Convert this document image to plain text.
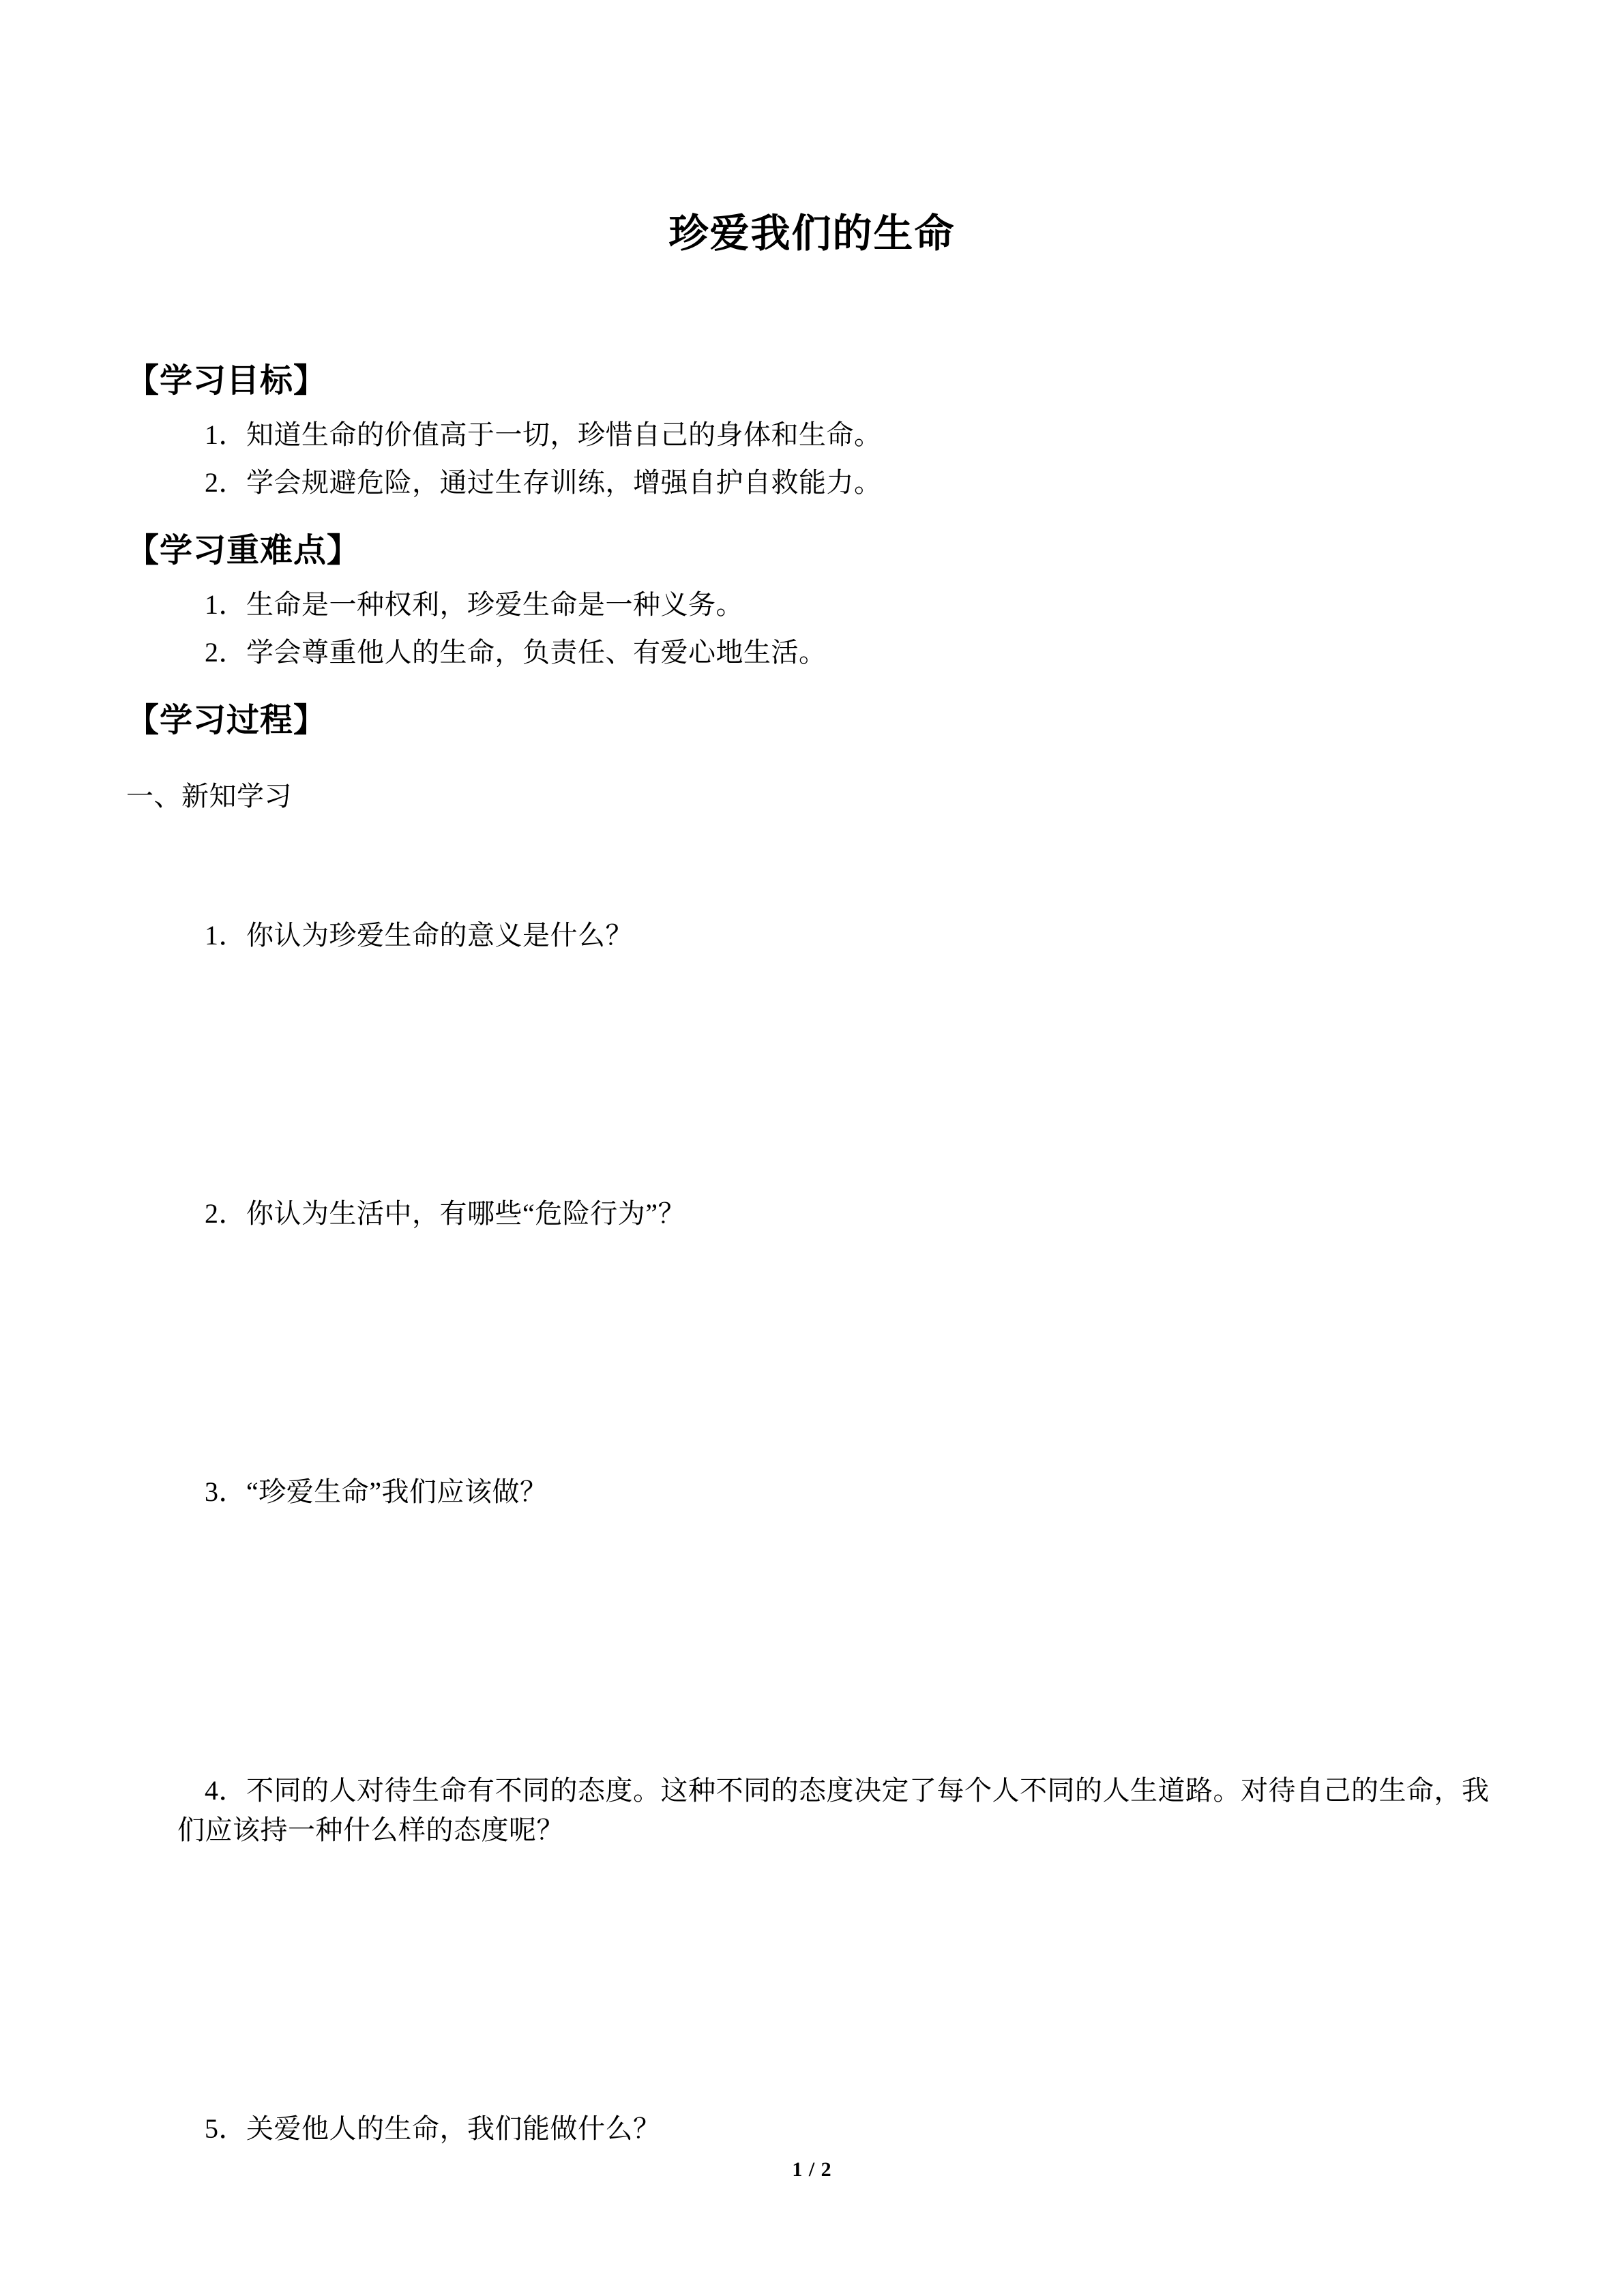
珍爱我们的生命
【学习目标】
1．知道生命的价值高于一切，珍惜自己的身体和生命。
2．学会规避危险，通过生存训练，增强自护自救能力。
【学习重难点】
1．生命是一种权利，珍爱生命是一种义务。
2．学会尊重他人的生命，负责任、有爱心地生活。
【学习过程】
一、新知学习
1．你认为珍爱生命的意义是什么？
2．你认为生活中，有哪些“危险行为”？
3．“珍爱生命”我们应该做？
4．不同的人对待生命有不同的态度。这种不同的态度决定了每个人不同的人生道路。对待自己的生命，我们应该持一种什么样的态度呢？
5．关爱他人的生命，我们能做什么？
1 / 2
